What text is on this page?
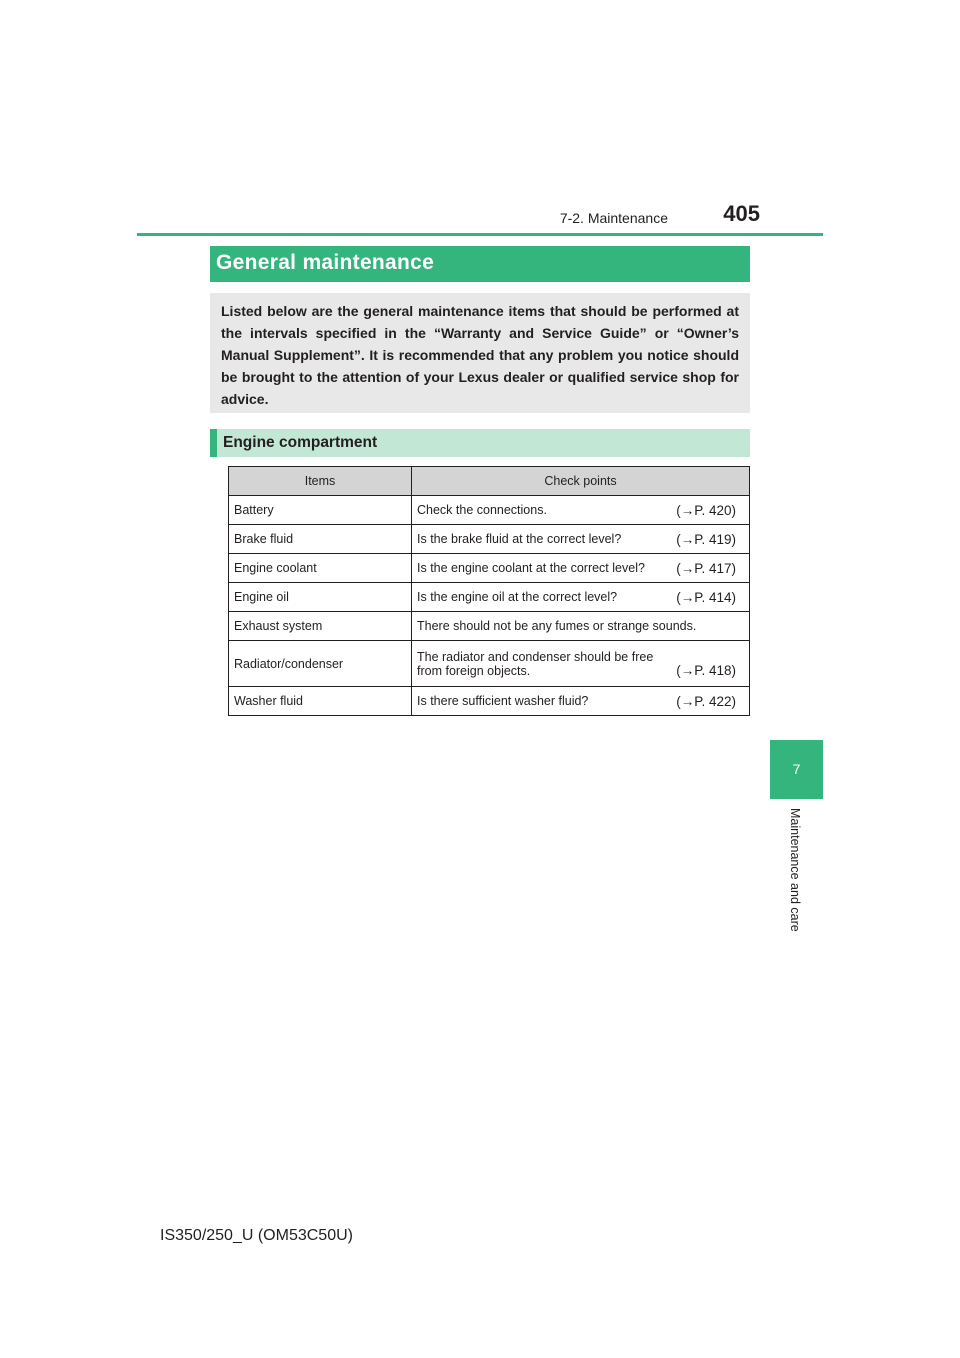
7-2. Maintenance	405
7
Maintenance and care
General maintenance

Listed below are the general maintenance items that should be performed at the intervals specified in the “Warranty and Service Guide” or “Owner’s Manual Supplement”. It is recommended that any problem you notice should be brought to the attention of your Lexus dealer or qualified service shop for advice.

Engine compartment
Items	Check points
Battery	Check the connections. (→P. 420)

Brake fluid	Is the brake fluid at the correct level? (→P. 419)

Engine coolant	Is the engine coolant at the correct level? (→P. 417)

Engine oil	Is the engine oil at the correct level? (→P. 414)

Exhaust system	There should not be any fumes or strange sounds.

Radiator/condenser	The radiator and condenser should be free from foreign objects. (→P. 418)

Washer fluid	Is there sufficient washer fluid? (→P. 422)
IS350/250_U (OM53C50U)
